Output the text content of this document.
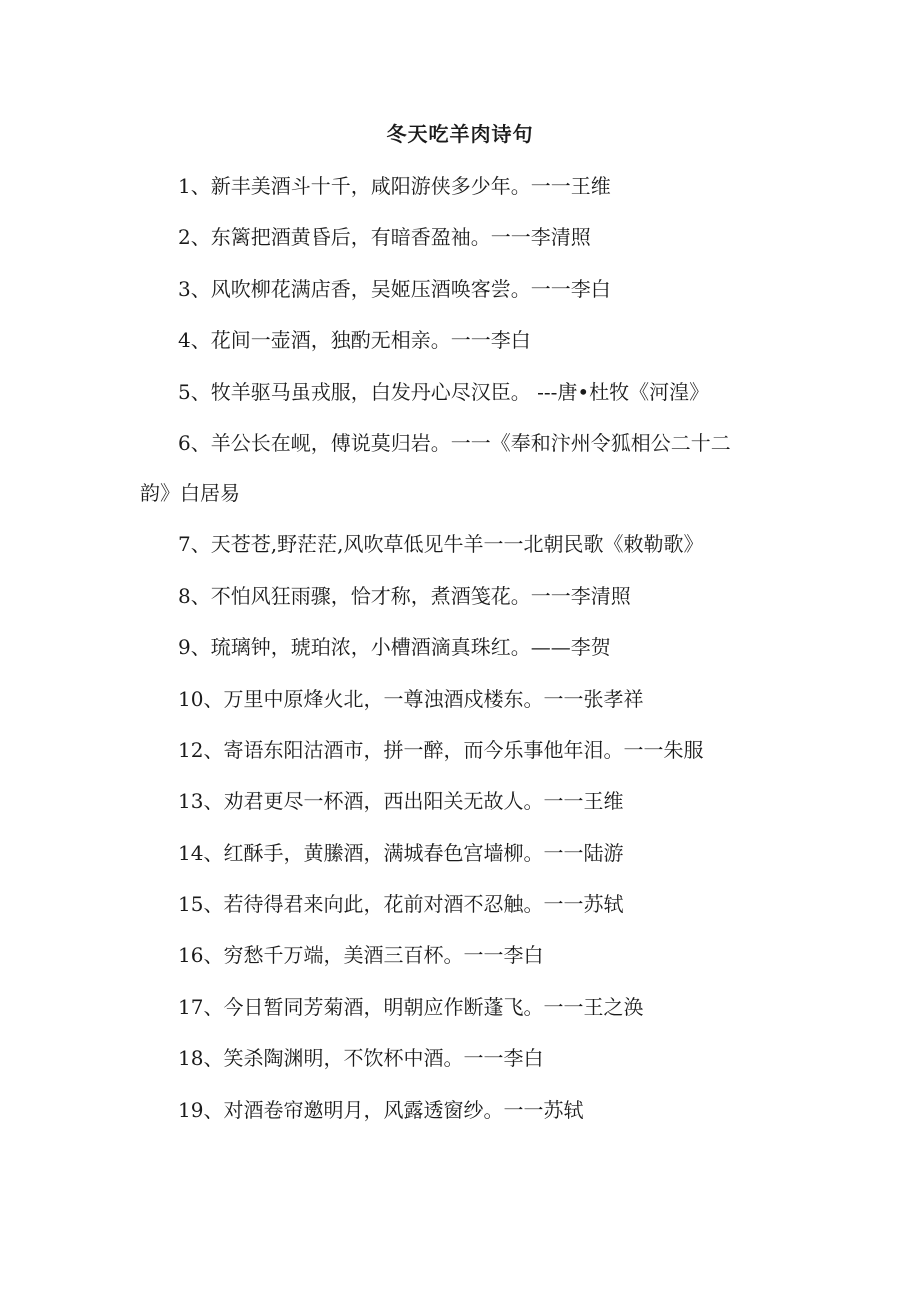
冬天吃羊肉诗句
1、新丰美酒斗十千，咸阳游侠多少年。一一王维
2、东篱把酒黄昏后，有暗香盈袖。一一李清照
3、风吹柳花满店香，吴姬压酒唤客尝。一一李白
4、花间一壶酒，独酌无相亲。一一李白
5、牧羊驱马虽戎服，白发丹心尽汉臣。 ---唐•杜牧《河湟》
6、羊公长在岘，傅说莫归岩。一一《奉和汴州令狐相公二十二
韵》白居易
7、天苍苍,野茫茫,风吹草低见牛羊一一北朝民歌《敕勒歌》
8、不怕风狂雨骤，恰才称，煮酒笺花。一一李清照
9、琉璃钟，琥珀浓，小槽酒滴真珠红。——李贺
10、万里中原烽火北，一尊浊酒戍楼东。一一张孝祥
12、寄语东阳沽酒市，拼一醉，而今乐事他年泪。一一朱服
13、劝君更尽一杯酒，西出阳关无故人。一一王维
14、红酥手，黄縢酒，满城春色宫墙柳。一一陆游
15、若待得君来向此，花前对酒不忍触。一一苏轼
16、穷愁千万端，美酒三百杯。一一李白
17、今日暂同芳菊酒，明朝应作断蓬飞。一一王之涣
18、笑杀陶渊明，不饮杯中酒。一一李白
19、对酒卷帘邀明月，风露透窗纱。一一苏轼
